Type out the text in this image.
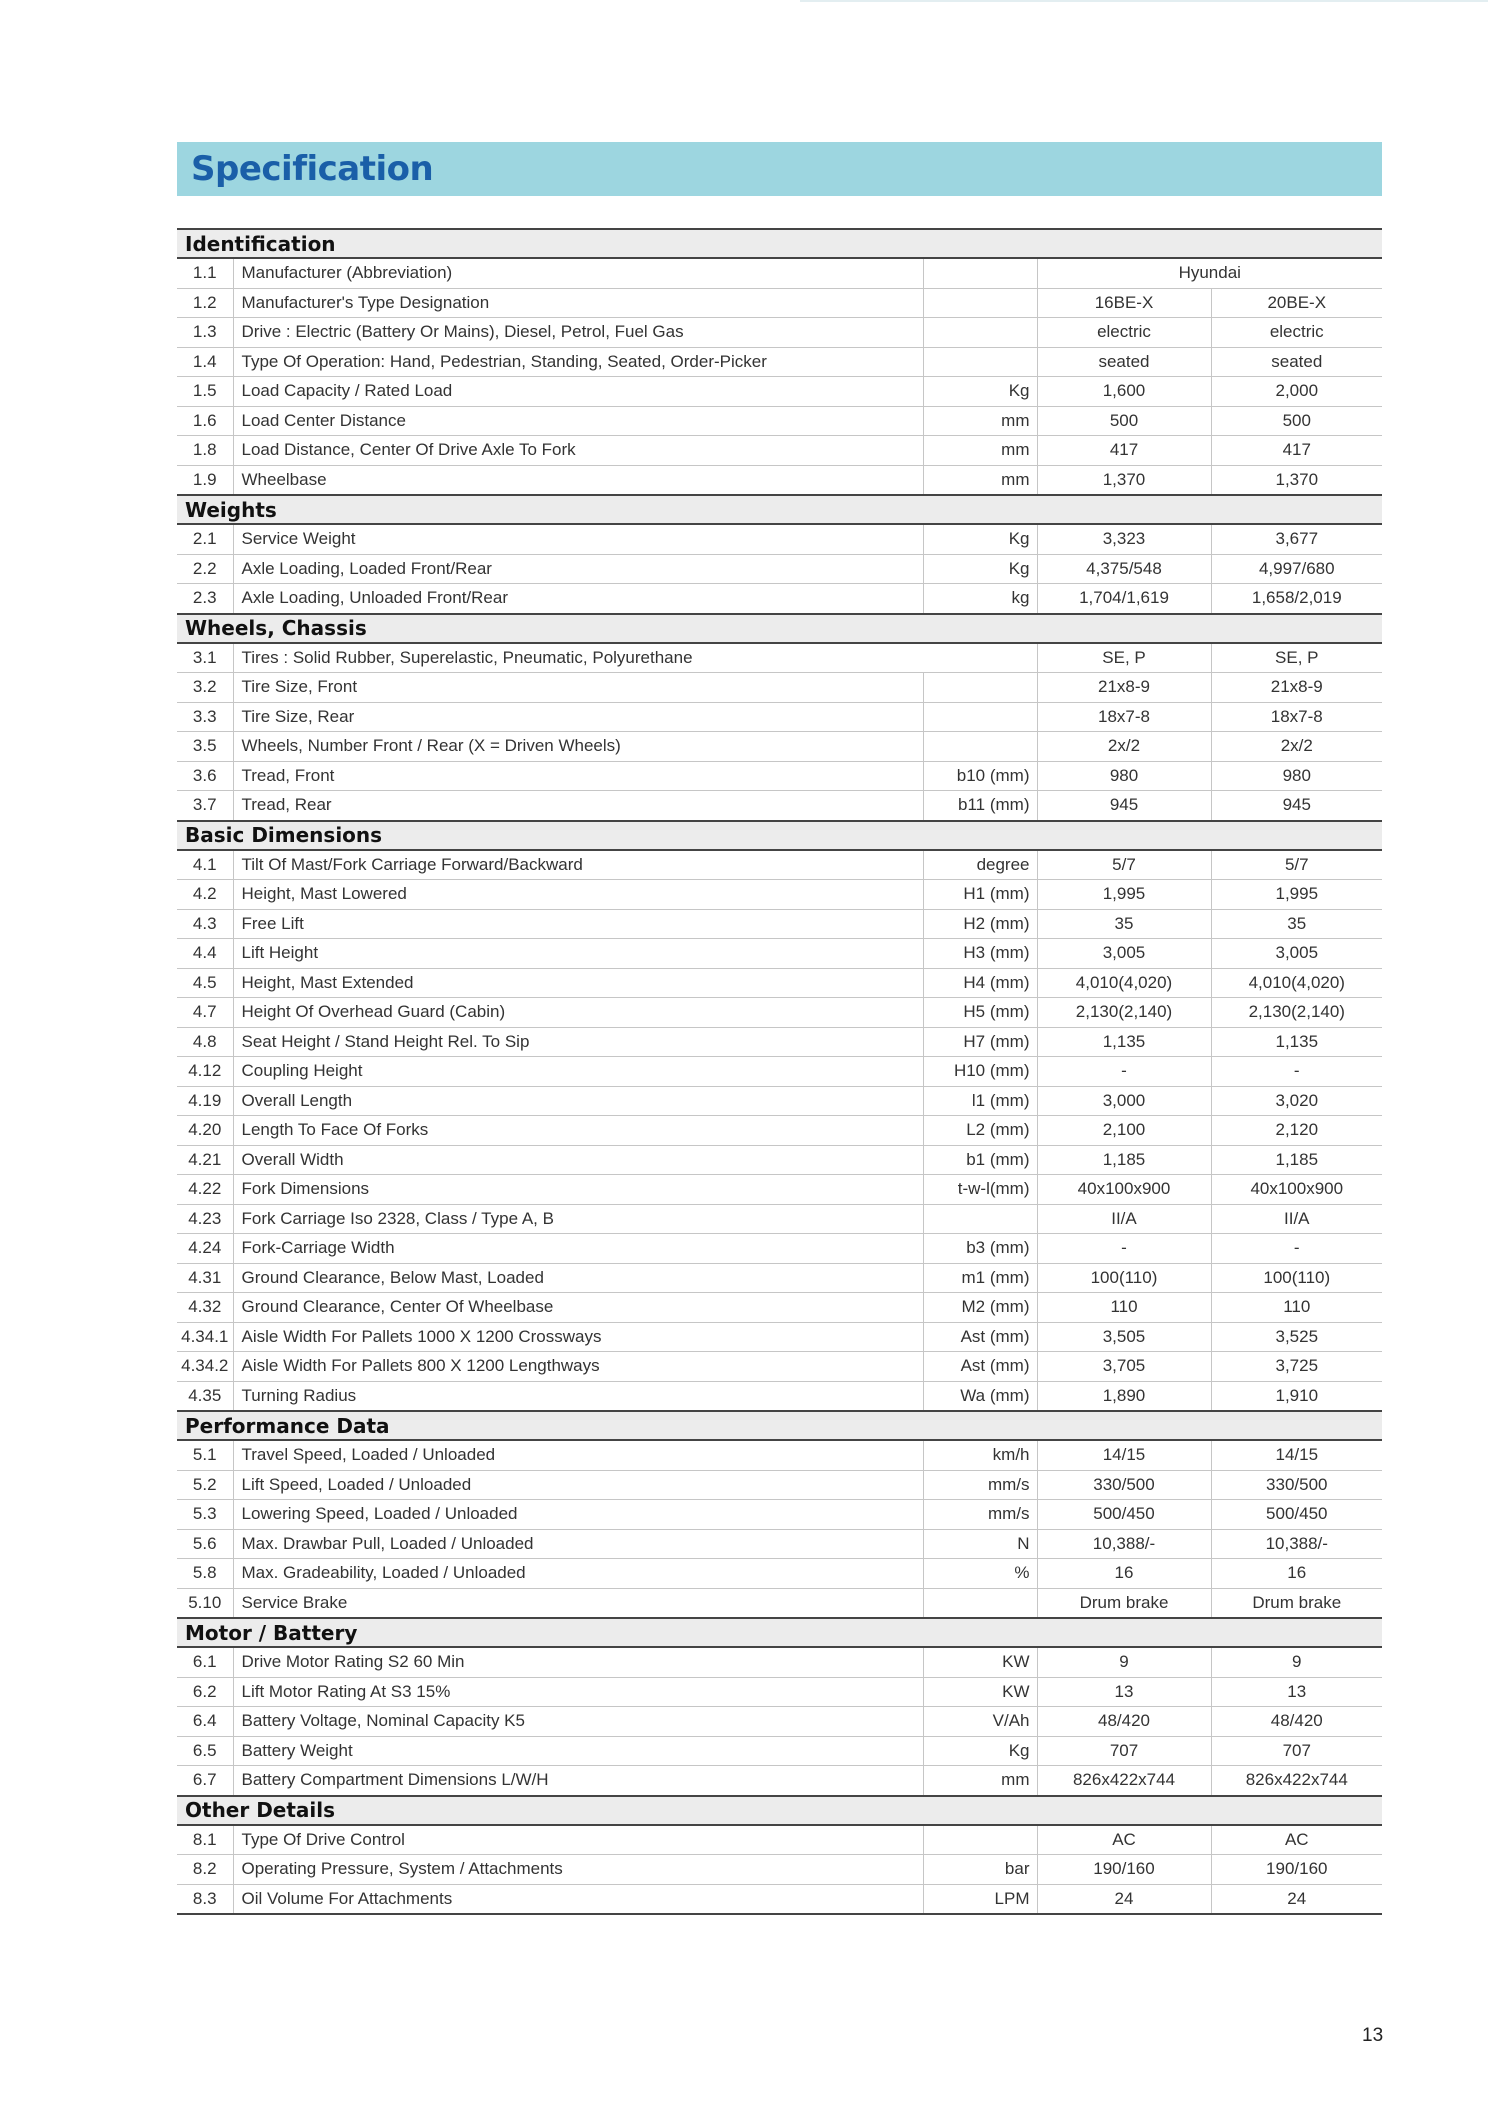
Specification
Identification				
1.1	Manufacturer (Abbreviation)		Hyundai	
1.2	Manufacturer's Type Designation		16BE-X	20BE-X
1.3	Drive : Electric (Battery Or Mains), Diesel, Petrol, Fuel Gas		electric	electric
1.4	Type Of Operation: Hand, Pedestrian, Standing, Seated, Order-Picker		seated	seated
1.5	Load Capacity / Rated Load	Kg	1,600	2,000
1.6	Load Center Distance	mm	500	500
1.8	Load Distance, Center Of Drive Axle To Fork	mm	417	417
1.9	Wheelbase	mm	1,370	1,370
Weights				
2.1	Service Weight	Kg	3,323	3,677
2.2	Axle Loading, Loaded Front/Rear	Kg	4,375/548	4,997/680
2.3	Axle Loading, Unloaded Front/Rear	kg	1,704/1,619	1,658/2,019
Wheels, Chassis				
3.1	Tires : Solid Rubber, Superelastic, Pneumatic, Polyurethane		SE, P	SE, P
3.2	Tire Size, Front		21x8-9	21x8-9
3.3	Tire Size, Rear		18x7-8	18x7-8
3.5	Wheels, Number Front / Rear (X = Driven Wheels)		2x/2	2x/2
3.6	Tread, Front	b10 (mm)	980	980
3.7	Tread, Rear	b11 (mm)	945	945
Basic Dimensions				
4.1	Tilt Of Mast/Fork Carriage Forward/Backward	degree	5/7	5/7
4.2	Height, Mast Lowered	H1 (mm)	1,995	1,995
4.3	Free Lift	H2 (mm)	35	35
4.4	Lift Height	H3 (mm)	3,005	3,005
4.5	Height, Mast Extended	H4 (mm)	4,010(4,020)	4,010(4,020)
4.7	Height Of Overhead Guard (Cabin)	H5 (mm)	2,130(2,140)	2,130(2,140)
4.8	Seat Height / Stand Height Rel. To Sip	H7 (mm)	1,135	1,135
4.12	Coupling Height	H10 (mm)	-	-
4.19	Overall Length	l1 (mm)	3,000	3,020
4.20	Length To Face Of Forks	L2 (mm)	2,100	2,120
4.21	Overall Width	b1 (mm)	1,185	1,185
4.22	Fork Dimensions	t-w-l(mm)	40x100x900	40x100x900
4.23	Fork Carriage Iso 2328, Class / Type A, B		II/A	II/A
4.24	Fork-Carriage Width	b3 (mm)	-	-
4.31	Ground Clearance, Below Mast, Loaded	m1 (mm)	100(110)	100(110)
4.32	Ground Clearance, Center Of Wheelbase	M2 (mm)	110	110
4.34.1	Aisle Width For Pallets 1000 X 1200 Crossways	Ast (mm)	3,505	3,525
4.34.2	Aisle Width For Pallets 800 X 1200 Lengthways	Ast (mm)	3,705	3,725
4.35	Turning Radius	Wa (mm)	1,890	1,910
Performance Data				
5.1	Travel Speed, Loaded / Unloaded	km/h	14/15	14/15
5.2	Lift Speed, Loaded / Unloaded	mm/s	330/500	330/500
5.3	Lowering Speed, Loaded / Unloaded	mm/s	500/450	500/450
5.6	Max. Drawbar Pull, Loaded / Unloaded	N	10,388/-	10,388/-
5.8	Max. Gradeability, Loaded / Unloaded	%	16	16
5.10	Service Brake		Drum brake	Drum brake
Motor / Battery				
6.1	Drive Motor Rating S2 60 Min	KW	9	9
6.2	Lift Motor Rating At S3 15%	KW	13	13
6.4	Battery Voltage, Nominal Capacity K5	V/Ah	48/420	48/420
6.5	Battery Weight	Kg	707	707
6.7	Battery Compartment Dimensions L/W/H	mm	826x422x744	826x422x744
Other Details				
8.1	Type Of Drive Control		AC	AC
8.2	Operating Pressure, System / Attachments	bar	190/160	190/160
8.3	Oil Volume For Attachments	LPM	24	24
13
